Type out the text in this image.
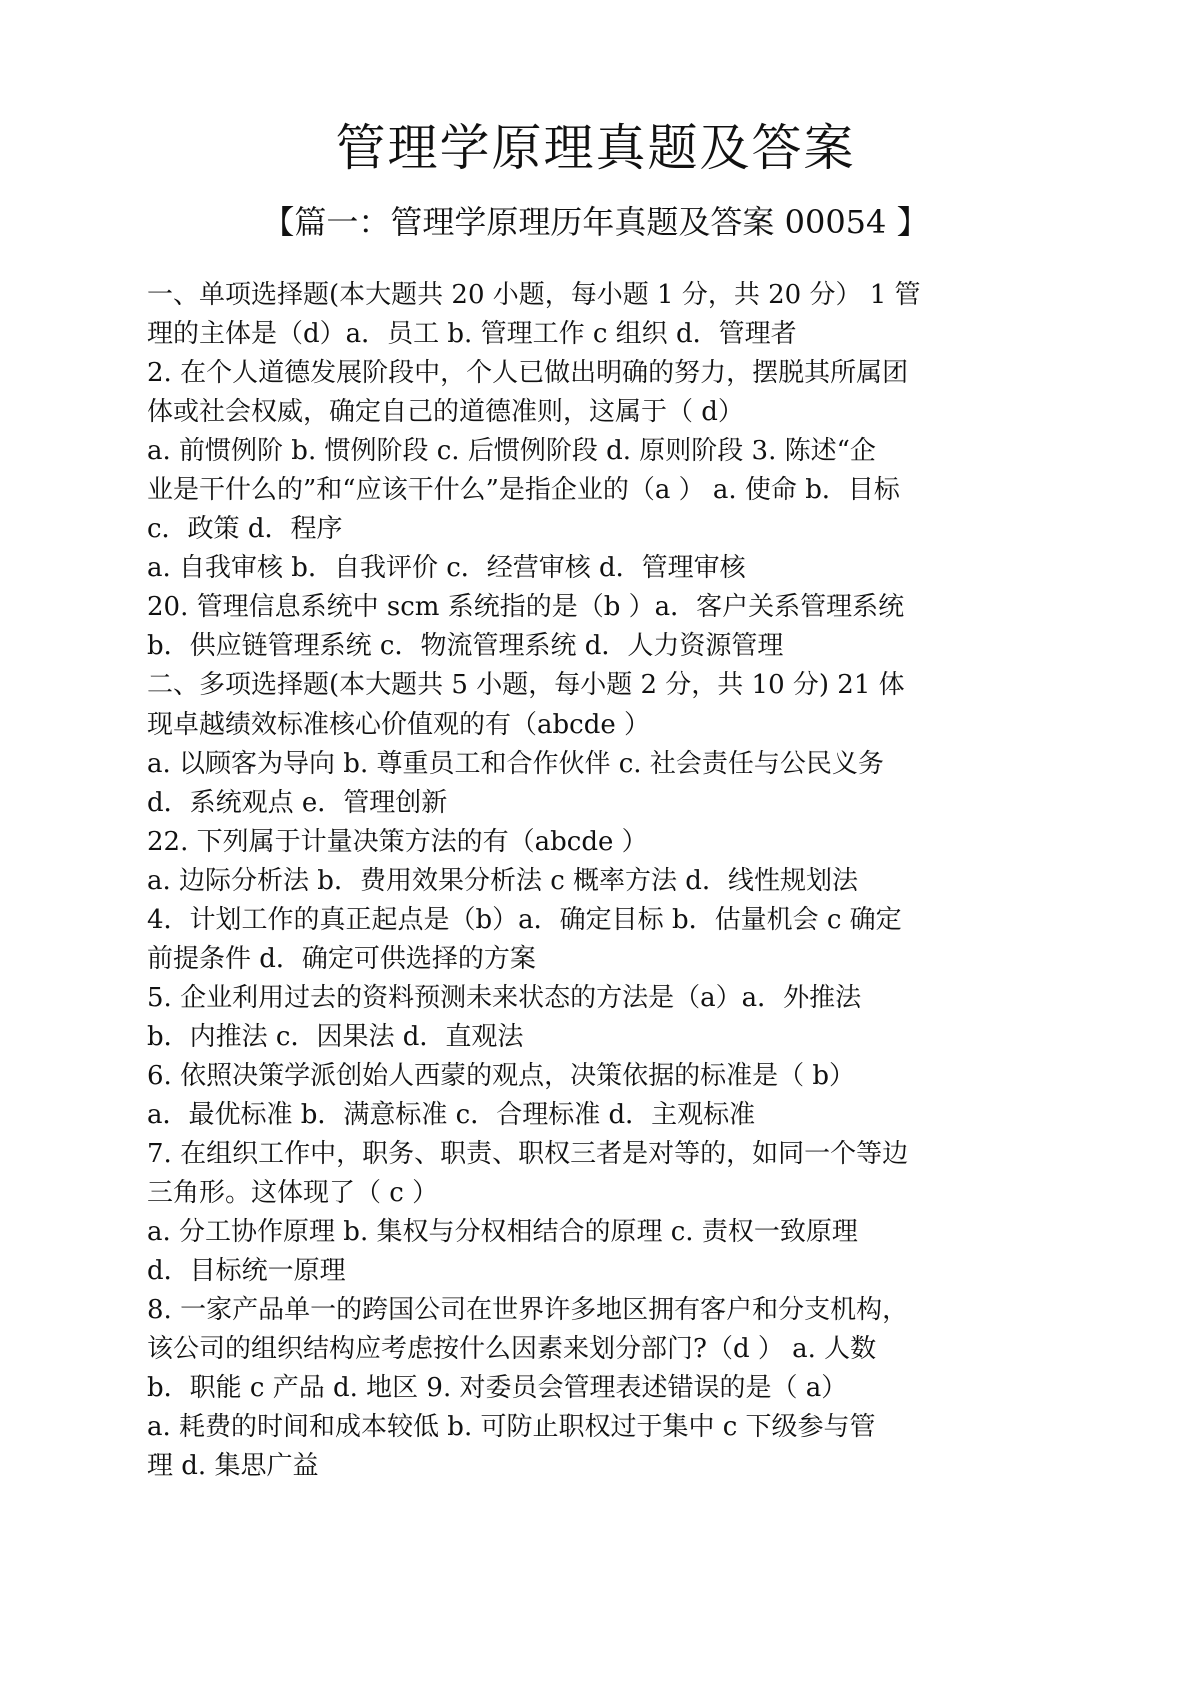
管理学原理真题及答案
【篇一：管理学原理历年真题及答案 00054 】
一、单项选择题(本大题共 20 小题，每小题 1 分，共 20 分） 1 管
理的主体是（d）a．员工 b. 管理工作 c 组织 d．管理者
2. 在个人道德发展阶段中，个人已做出明确的努力，摆脱其所属团
体或社会权威，确定自己的道德准则，这属于（ d）
a. 前惯例阶 b. 惯例阶段 c. 后惯例阶段 d. 原则阶段 3. 陈述“企
业是干什么的”和“应该干什么”是指企业的（a ） a. 使命 b．目标
c．政策 d．程序
a. 自我审核 b．自我评价 c．经营审核 d．管理审核
20. 管理信息系统中 scm 系统指的是（b ）a．客户关系管理系统
b．供应链管理系统 c．物流管理系统 d．人力资源管理
二、多项选择题(本大题共 5 小题，每小题 2 分，共 10 分) 21 体
现卓越绩效标准核心价值观的有（abcde ）
a. 以顾客为导向 b. 尊重员工和合作伙伴 c. 社会责任与公民义务
d．系统观点 e．管理创新
22. 下列属于计量决策方法的有（abcde ）
a. 边际分析法 b．费用效果分析法 c 概率方法 d．线性规划法
4．计划工作的真正起点是（b）a．确定目标 b．估量机会 c 确定
前提条件 d．确定可供选择的方案
5. 企业利用过去的资料预测未来状态的方法是（a）a．外推法
b．内推法 c．因果法 d．直观法
6. 依照决策学派创始人西蒙的观点，决策依据的标准是（ b）
a．最优标准 b．满意标准 c．合理标准 d．主观标准
7. 在组织工作中，职务、职责、职权三者是对等的，如同一个等边
三角形。这体现了（ c ）
a. 分工协作原理 b. 集权与分权相结合的原理 c. 责权一致原理
d．目标统一原理
8. 一家产品单一的跨国公司在世界许多地区拥有客户和分支机构，
该公司的组织结构应考虑按什么因素来划分部门?（d ） a. 人数
b．职能 c 产品 d. 地区 9. 对委员会管理表述错误的是（ a）
a. 耗费的时间和成本较低 b. 可防止职权过于集中 c 下级参与管
理 d. 集思广益
